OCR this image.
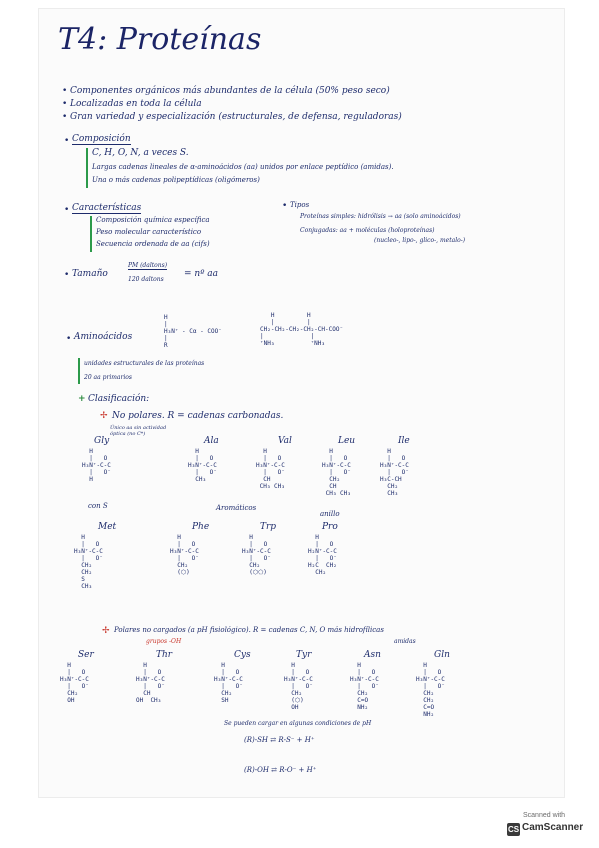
T4: Proteínas
Componentes orgánicos más abundantes de la célula (50% peso seco)
Localizadas en toda la célula
Gran variedad y especialización (estructurales, de defensa, reguladoras)
•
•
•
• Composición
C, H, O, N, a veces S.
Largas cadenas lineales de α-aminoácidos (aa) unidos por enlace peptídico (amidas).
Una o más cadenas polipeptídicas (oligómeros)
• Características
Composición química específica
Peso molecular característico
Secuencia ordenada de aa (cifs)
• Tipos
Proteínas simples: hidrólisis → aa (solo aminoácidos)
Conjugadas: aa + moléculas (holoproteínas)
(nucleo-, lipo-, glico-, metalo-)
• Tamaño
PM (daltons)
120 daltons
= nº aa
• Aminoácidos
H
|
H₃N⁺ - Cα - COO⁻
|
R
H         H
|         |
CH₂-CH₂-CH₂-CH₂-CH-COO⁻
|             |
⁺NH₃          ⁺NH₃
unidades estructurales de las proteínas
20 aa primarios
+ Clasificación:
✢ No polares. R = cadenas carbonadas.
Único aa sin actividad óptica (no C*)
Gly
H
|   O
H₃N⁺-C-C
|   O⁻
H
Ala
H
|   O
H₃N⁺-C-C
|   O⁻
CH₃
Val
H
|   O
H₃N⁺-C-C
|   O⁻
CH
CH₃ CH₃
Leu
H
|   O
H₃N⁺-C-C
|   O⁻
CH₂
CH
CH₃ CH₃
Ile
H
|   O
H₃N⁺-C-C
|   O⁻
H₃C-CH
CH₂
CH₃
con S	Aromáticos
anillo
Met
H
|   O
H₃N⁺-C-C
|   O⁻
CH₂
CH₂
S
CH₃
Phe
H
|   O
H₃N⁺-C-C
|   O⁻
CH₂
(⬡)
Trp
H
|   O
H₃N⁺-C-C
|   O⁻
CH₂
(⬡⬠)
Pro
H
|   O
H₂N⁺-C-C
|   O⁻
H₂C  CH₂
CH₂
✢ Polares no cargados (a pH fisiológico). R = cadenas C, N, O más hidrofílicas
grupos -OH	amidas
Ser
H
|   O
H₃N⁺-C-C
|   O⁻
CH₂
OH
Thr
H
|   O
H₃N⁺-C-C
|   O⁻
CH
OH  CH₃
Cys
H
|   O
H₃N⁺-C-C
|   O⁻
CH₂
SH
Tyr
H
|   O
H₃N⁺-C-C
|   O⁻
CH₂
(⬡)
OH
Asn
H
|   O
H₃N⁺-C-C
|   O⁻
CH₂
C=O
NH₂
Gln
H
|   O
H₃N⁺-C-C
|   O⁻
CH₂
CH₂
C=O
NH₂
Se pueden cargar en algunas condiciones de pH
(R)-SH ⇄ R-S⁻ + H⁺
(R)-OH ⇄ R-O⁻ + H⁺
Scanned with
CS CamScanner
